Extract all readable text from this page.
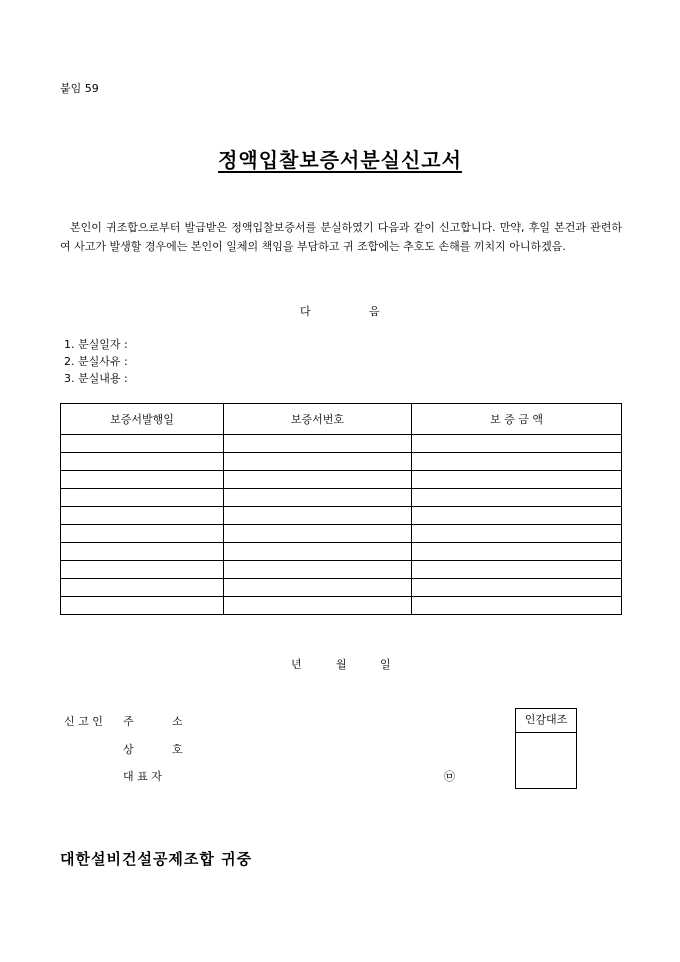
붙임 59
정액입찰보증서분실신고서
본인이 귀조합으로부터 발급받은 정액입찰보증서를 분실하였기 다음과 같이 신고합니다. 만약, 후일 본건과 관련하여 사고가 발생할 경우에는 본인이 일체의 책임을 부담하고 귀 조합에는 추호도 손해를 끼치지 아니하겠음.
다	음
1. 분실일자 :
2. 분실사유 :
3. 분실내용 :
보증서발행일	보증서번호	보 증 금 액

년	월	일
신 고 인 주	소
상	호
대 표 자	㉤
인감대조
대한설비건설공제조합 귀중
